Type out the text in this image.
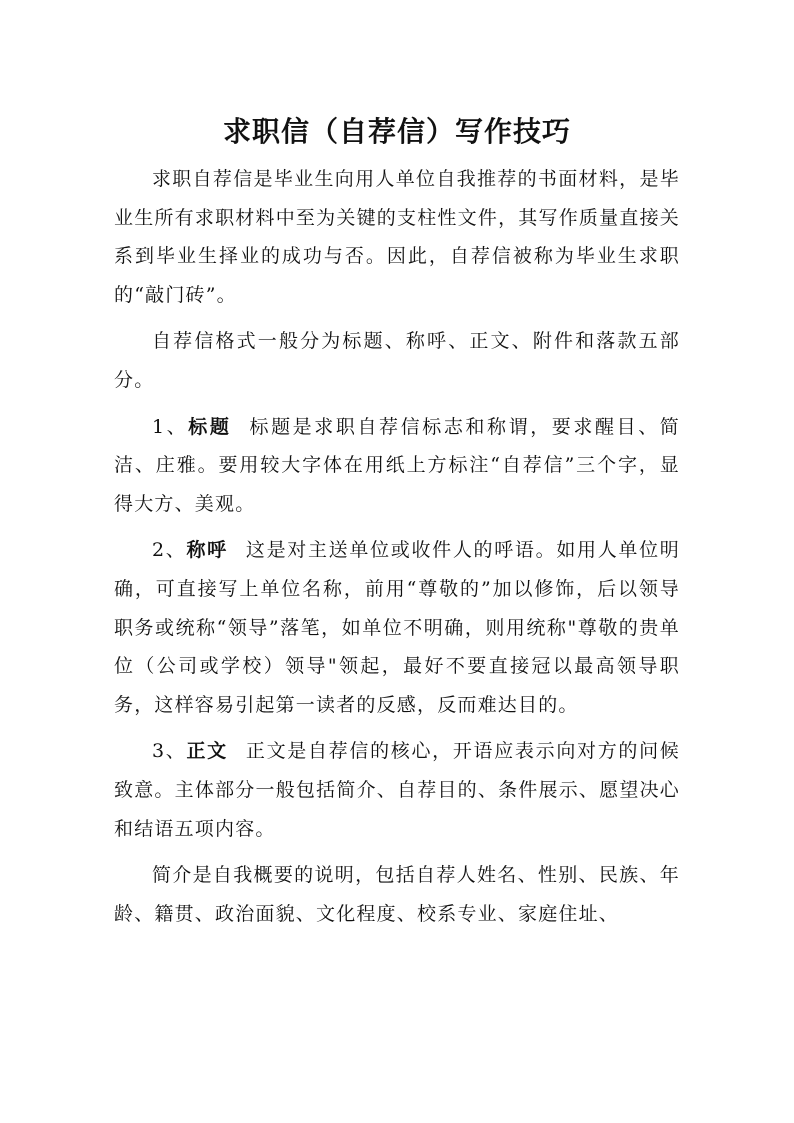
求职信（自荐信）写作技巧

求职自荐信是毕业生向用人单位自我推荐的书面材料，是毕业生所有求职材料中至为关键的支柱性文件，其写作质量直接关系到毕业生择业的成功与否。因此，自荐信被称为毕业生求职的“敲门砖”。

自荐信格式一般分为标题、称呼、正文、附件和落款五部分。

1、标题 标题是求职自荐信标志和称谓，要求醒目、简洁、庄雅。要用较大字体在用纸上方标注“自荐信”三个字，显得大方、美观。

2、称呼 这是对主送单位或收件人的呼语。如用人单位明确，可直接写上单位名称，前用“尊敬的”加以修饰，后以领导职务或统称“领导”落笔，如单位不明确，则用统称"尊敬的贵单位（公司或学校）领导"领起，最好不要直接冠以最高领导职务，这样容易引起第一读者的反感，反而难达目的。

3、正文 正文是自荐信的核心，开语应表示向对方的问候致意。主体部分一般包括简介、自荐目的、条件展示、愿望决心和结语五项内容。

简介是自我概要的说明，包括自荐人姓名、性别、民族、年龄、籍贯、政治面貌、文化程度、校系专业、家庭住址、
